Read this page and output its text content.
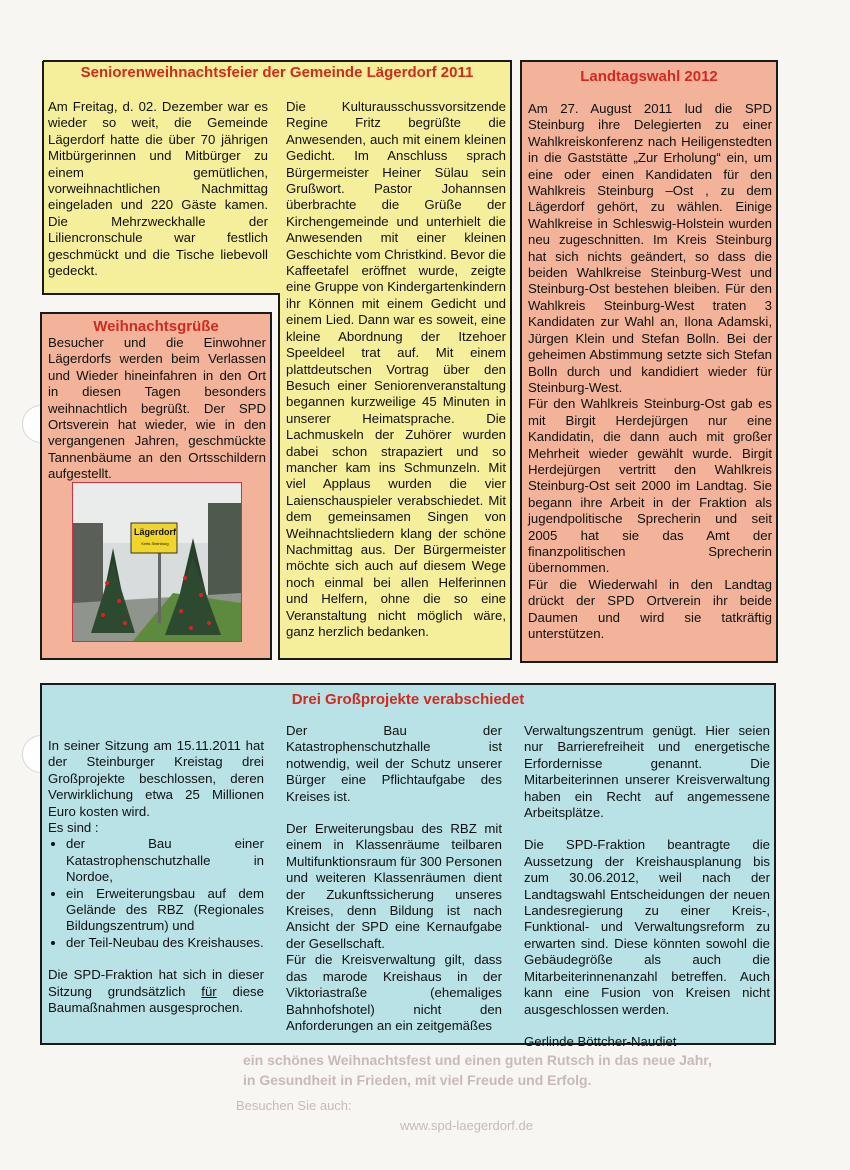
Seniorenweihnachtsfeier der Gemeinde Lägerdorf 2011
Am Freitag, d. 02. Dezember war es wieder so weit, die Gemeinde Lägerdorf hatte die über 70 jährigen Mitbürgerinnen und Mitbürger zu einem gemütlichen, vorweihnachtlichen Nachmittag eingeladen und 220 Gäste kamen. Die Mehrzweckhalle der Liliencronschule war festlich geschmückt und die Tische liebevoll gedeckt.
Die Kulturausschussvorsitzende Regine Fritz begrüßte die Anwesenden, auch mit einem kleinen Gedicht. Im Anschluss sprach Bürgermeister Heiner Sülau sein Grußwort. Pastor Johannsen überbrachte die Grüße der Kirchengemeinde und unterhielt die Anwesenden mit einer kleinen Geschichte vom Christkind. Bevor die Kaffeetafel eröffnet wurde, zeigte eine Gruppe von Kindergartenkindern ihr Können mit einem Gedicht und einem Lied. Dann war es soweit, eine kleine Abordnung der Itzehoer Speeldeel trat auf. Mit einem plattdeutschen Vortrag über den Besuch einer Seniorenveranstaltung begannen kurzweilige 45 Minuten in unserer Heimatsprache. Die Lachmuskeln der Zuhörer wurden dabei schon strapaziert und so mancher kam ins Schmunzeln. Mit viel Applaus wurden die vier Laienschauspieler verabschiedet. Mit dem gemeinsamen Singen von Weihnachtsliedern klang der schöne Nachmittag aus. Der Bürgermeister möchte sich auch auf diesem Wege noch einmal bei allen Helferinnen und Helfern, ohne die so eine Veranstaltung nicht möglich wäre, ganz herzlich bedanken.
Weihnachtsgrüße
Besucher und die Einwohner Lägerdorfs werden beim Verlassen und Wieder hineinfahren in den Ort in diesen Tagen besonders weihnachtlich begrüßt. Der SPD Ortsverein hat wieder, wie in den vergangenen Jahren, geschmückte Tannenbäume an den Ortsschildern aufgestellt.
Lägerdorf
Kreis Steinburg
Landtagswahl 2012

Am 27. August 2011 lud die SPD Steinburg ihre Delegierten zu einer Wahlkreiskonferenz nach Heiligenstedten in die Gaststätte „Zur Erholung“ ein, um eine oder einen Kandidaten für den Wahlkreis Steinburg –Ost , zu dem Lägerdorf gehört, zu wählen. Einige Wahlkreise in Schleswig-Holstein wurden neu zugeschnitten. Im Kreis Steinburg hat sich nichts geändert, so dass die beiden Wahlkreise Steinburg-West und Steinburg-Ost bestehen bleiben. Für den Wahlkreis Steinburg-West traten 3 Kandidaten zur Wahl an, Ilona Adamski, Jürgen Klein und Stefan Bolln. Bei der geheimen Abstimmung setzte sich Stefan Bolln durch und kandidiert wieder für Steinburg-West.

Für den Wahlkreis Steinburg-Ost gab es mit Birgit Herdejürgen nur eine Kandidatin, die dann auch mit großer Mehrheit wieder gewählt wurde. Birgit Herdejürgen vertritt den Wahlkreis Steinburg-Ost seit 2000 im Landtag. Sie begann ihre Arbeit in der Fraktion als jugendpolitische Sprecherin und seit 2005 hat sie das Amt der finanzpolitischen Sprecherin übernommen.

Für die Wiederwahl in den Landtag drückt der SPD Ortverein ihr beide Daumen und wird sie tatkräftig unterstützen.

ein schönes Weihnachtsfest und einen guten Rutsch in das neue Jahr,
in Gesundheit in Frieden, mit viel Freude und Erfolg.
Besuchen Sie auch:
www.spd-laegerdorf.de
Drei Großprojekte verabschiedet

In seiner Sitzung am 15.11.2011 hat der Steinburger Kreistag drei Großprojekte beschlossen, deren Verwirklichung etwa 25 Millionen Euro kosten wird.

Es sind :

• der Bau einer Katastrophenschutzhalle in Nordoe,
• ein Erweiterungsbau auf dem Gelände des RBZ (Regionales Bildungszentrum) und
• der Teil-Neubau des Kreishauses.

Die SPD-Fraktion hat sich in dieser Sitzung grundsätzlich für diese Baumaßnahmen ausgesprochen.

Der Bau der Katastrophenschutzhalle ist notwendig, weil der Schutz unserer Bürger eine Pflichtaufgabe des Kreises ist.

Der Erweiterungsbau des RBZ mit einem in Klassenräume teilbaren Multifunktionsraum für 300 Personen und weiteren Klassenräumen dient der Zukunftssicherung unseres Kreises, denn Bildung ist nach Ansicht der SPD eine Kernaufgabe der Gesellschaft.

Für die Kreisverwaltung gilt, dass das marode Kreishaus in der Viktoriastraße (ehemaliges Bahnhofshotel) nicht den Anforderungen an ein zeitgemäßes

Verwaltungszentrum genügt. Hier seien nur Barrierefreiheit und energetische Erfordernisse genannt. Die Mitarbeiterinnen unserer Kreisverwaltung haben ein Recht auf angemessene Arbeitsplätze.

Die SPD-Fraktion beantragte die Aussetzung der Kreishausplanung bis zum 30.06.2012, weil nach der Landtagswahl Entscheidungen der neuen Landesregierung zu einer Kreis-, Funktional- und Verwaltungsreform zu erwarten sind. Diese könnten sowohl die Gebäudegröße als auch die Mitarbeiterinnenanzahl betreffen. Auch kann eine Fusion von Kreisen nicht ausgeschlossen werden.

Gerlinde Böttcher-Naudiet
